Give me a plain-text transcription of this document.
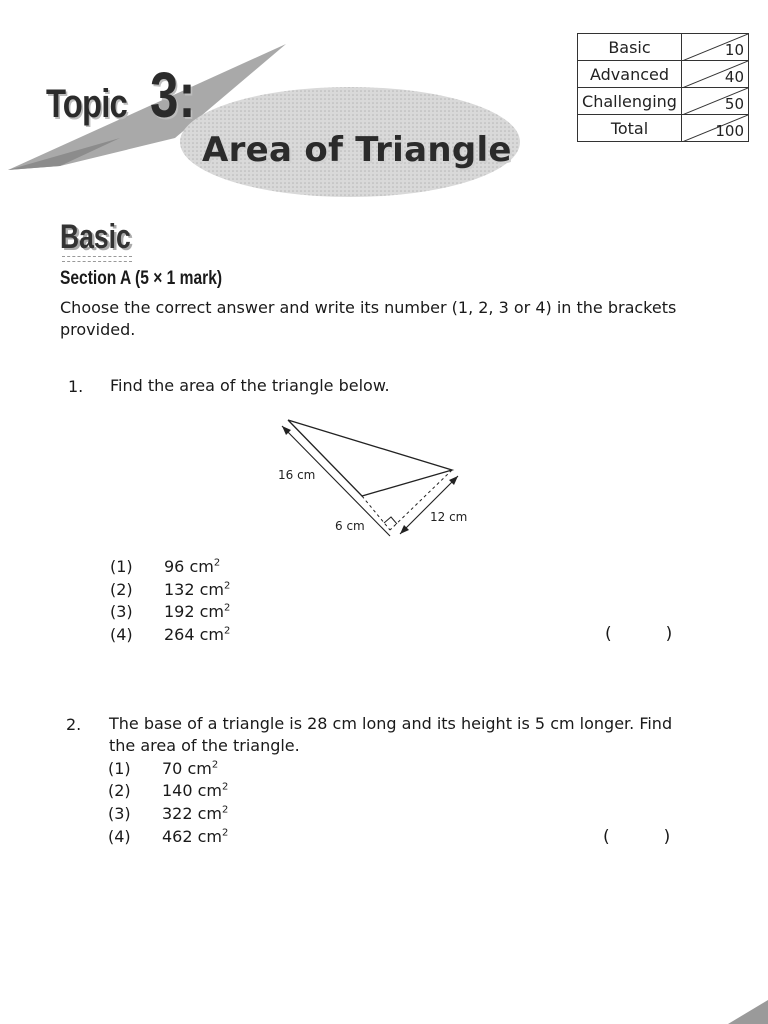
Topic 3:
Area of Triangle
Basic	10

Advanced	40

Challenging	50

Total	100
Basic
Section A (5 × 1 mark)
Choose the correct answer and write its number (1, 2, 3 or 4) in the brackets provided.
1. Find the area of the triangle below.
16 cm
6 cm
12 cm
(1)	96 $cm^2$
(2)	132 $cm^2$
(3)	192 $cm^2$
(4)	264 $cm^2$	(          )
2. The base of a triangle is 28 cm long and its height is 5 cm longer. Find
the area of the triangle.
(1)	70 $cm^2$
(2)	140 $cm^2$
(3)	322 $cm^2$
(4)	462 $cm^2$	(          )
